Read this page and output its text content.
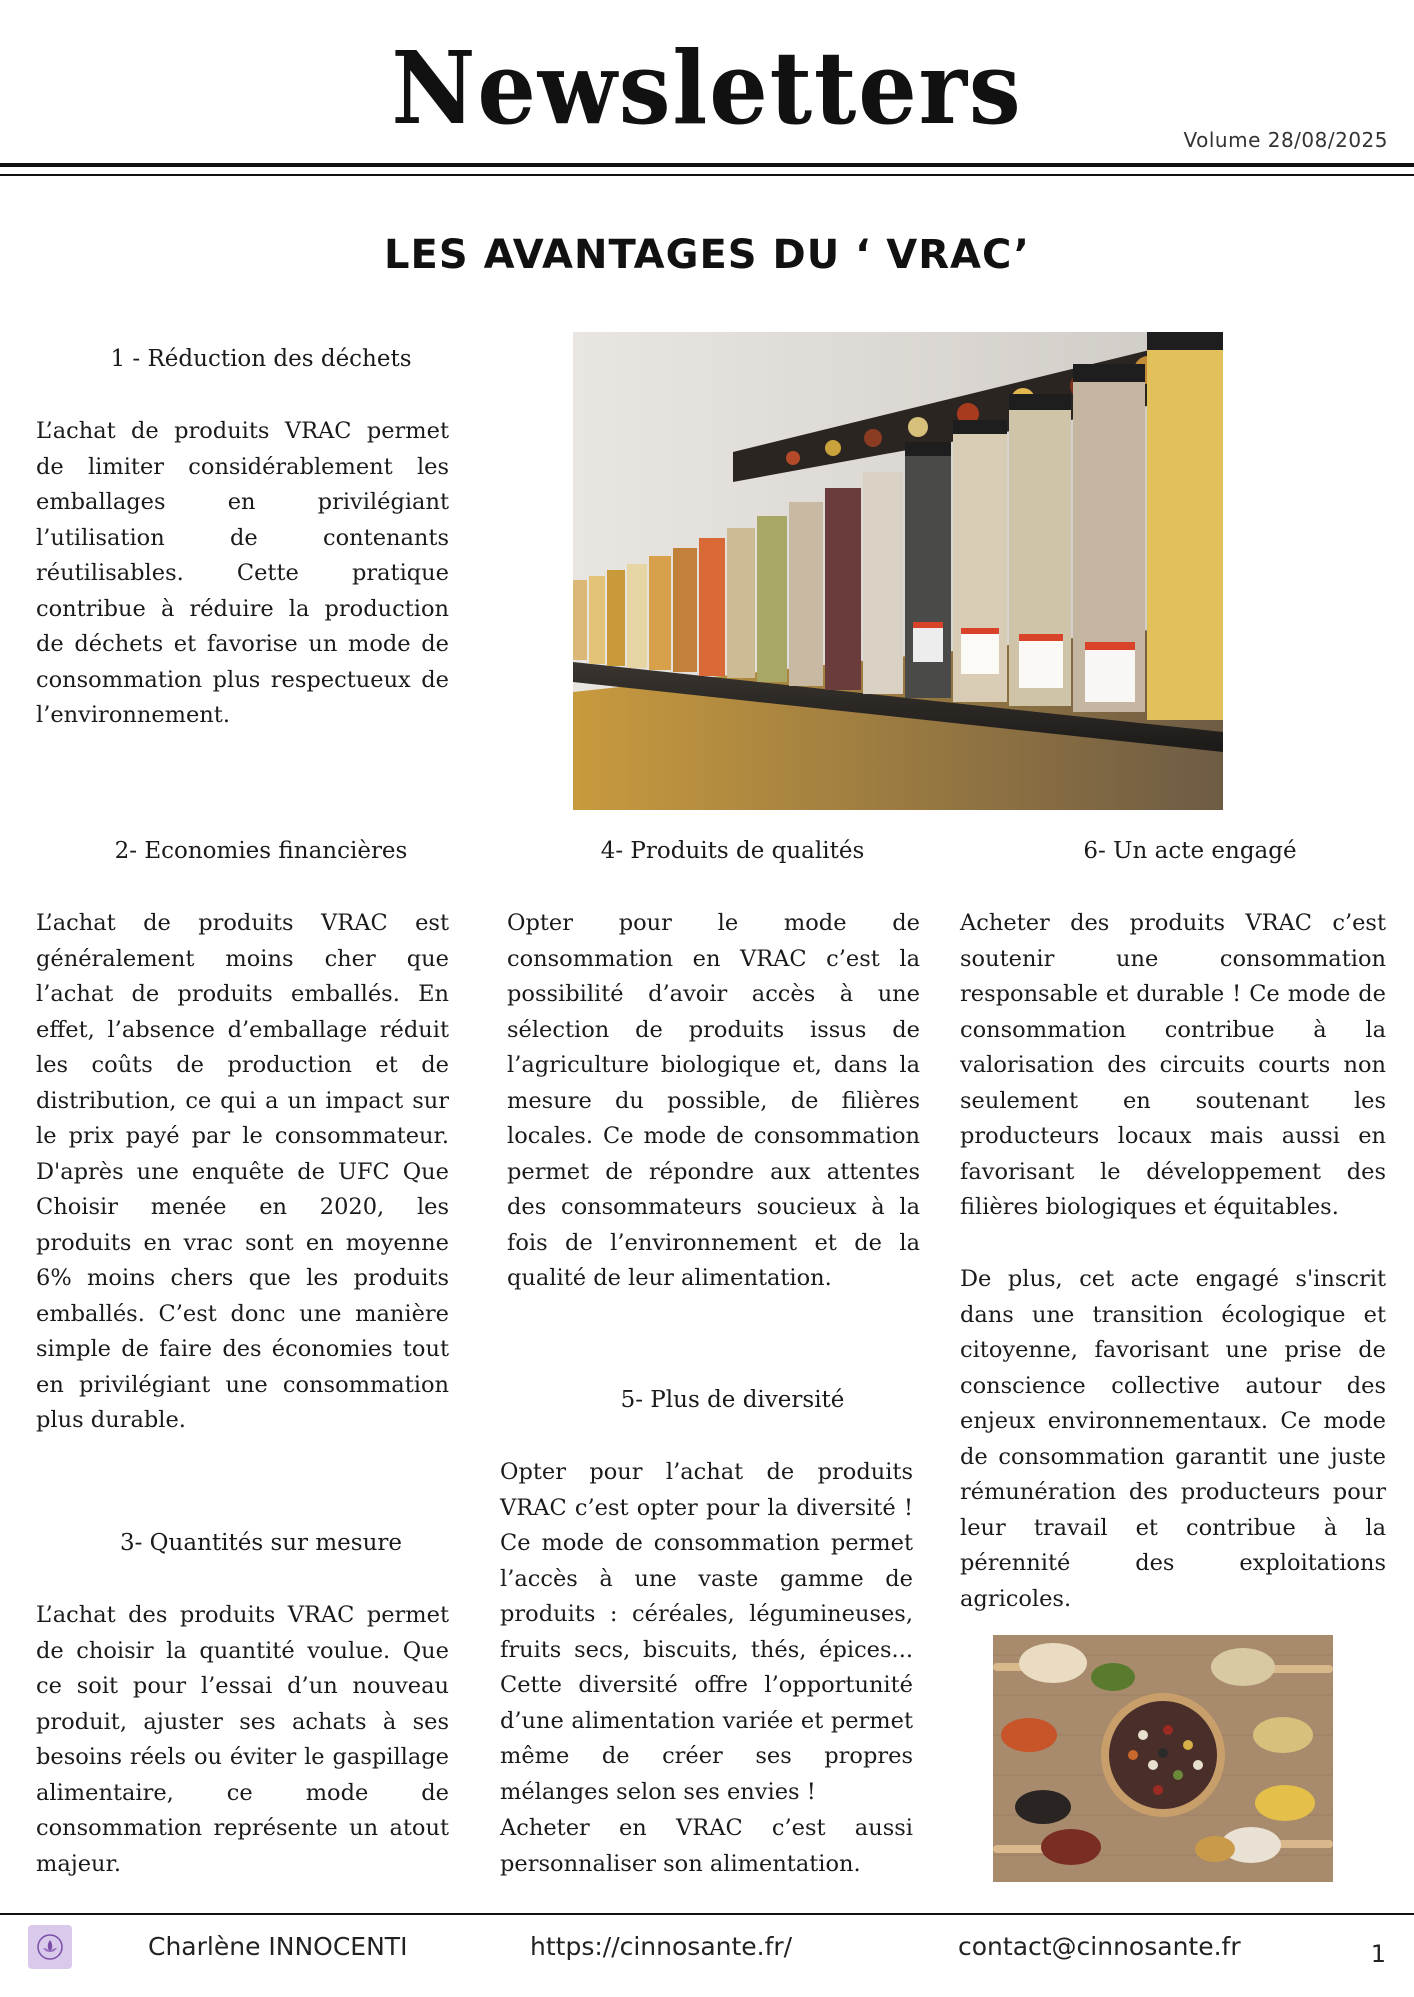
Newsletters	Volume 28/08/2025
LES AVANTAGES DU ‘ VRAC’
1 - Réduction des déchets

L’achat de produits VRAC permet de limiter considérablement les emballages en privilégiant l’utilisation de contenants réutilisables. Cette pratique contribue à réduire la production de déchets et favorise un mode de consommation plus respectueux de l’environnement.

2- Economies financières

L’achat de produits VRAC est généralement moins cher que l’achat de produits emballés. En effet, l’absence d’emballage réduit les coûts de production et de distribution, ce qui a un impact sur le prix payé par le consommateur. D'après une enquête de UFC Que Choisir menée en 2020, les produits en vrac sont en moyenne 6% moins chers que les produits emballés. C’est donc une manière simple de faire des économies tout en privilégiant une consommation plus durable.

3- Quantités sur mesure

L’achat des produits VRAC permet de choisir la quantité voulue. Que ce soit pour l’essai d’un nouveau produit, ajuster ses achats à ses besoins réels ou éviter le gaspillage alimentaire, ce mode de consommation représente un atout majeur.

4- Produits de qualités

Opter pour le mode de consommation en VRAC c’est la possibilité d’avoir accès à une sélection de produits issus de l’agriculture biologique et, dans la mesure du possible, de filières locales. Ce mode de consommation permet de répondre aux attentes des consommateurs soucieux à la fois de l’environnement et de la qualité de leur alimentation.

5- Plus de diversité

Opter pour l’achat de produits VRAC c’est opter pour la diversité ! Ce mode de consommation permet l’accès à une vaste gamme de produits : céréales, légumineuses, fruits secs, biscuits, thés, épices... Cette diversité offre l’opportunité d’une alimentation variée et permet même de créer ses propres mélanges selon ses envies !

Acheter en VRAC c’est aussi personnaliser son alimentation.

6- Un acte engagé

Acheter des produits VRAC c’est soutenir une consommation responsable et durable ! Ce mode de consommation contribue à la valorisation des circuits courts non seulement en soutenant les producteurs locaux mais aussi en favorisant le développement des filières biologiques et équitables.

De plus, cet acte engagé s'inscrit dans une transition écologique et citoyenne, favorisant une prise de conscience collective autour des enjeux environnementaux. Ce mode de consommation garantit une juste rémunération des producteurs pour leur travail et contribue à la pérennité des exploitations agricoles.

Charlène INNOCENTI	https://cinnosante.fr/	contact@cinnosante.fr	1
